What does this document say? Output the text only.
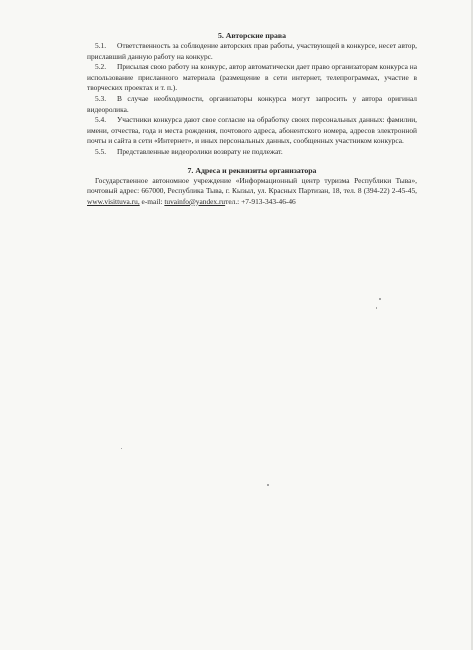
5. Авторские права

5.1. Ответственность за соблюдение авторских прав работы, участвующей в конкурсе, несет автор, приславший данную работу на конкурс.

5.2. Присылая свою работу на конкурс, автор автоматически дает право организаторам конкурса на использование присланного материала (размещение в сети интернет, телепрограммах, участие в творческих проектах и т. п.).

5.3. В случае необходимости, организаторы конкурса могут запросить у автора оригинал видеоролика.

5.4. Участники конкурса дают свое согласие на обработку своих персональных данных: фамилии, имени, отчества, года и места рождения, почтового адреса, абонентского номера, адресов электронной почты и сайта в сети «Интернет», и иных персональных данных, сообщенных участником конкурса.

5.5. Представленные видеоролики возврату не подлежат.

7. Адреса и реквизиты организатора

Государственное автономное учреждение «Информационный центр туризма Республики Тыва», почтовый адрес: 667000, Республика Тыва, г. Кызыл, ул. Красных Партизан, 18, тел. 8 (394-22) 2-45-45, www.visittuva.ru, e-mail: tuvainfo@yandex.ruтел.: +7-913-343-46-46
